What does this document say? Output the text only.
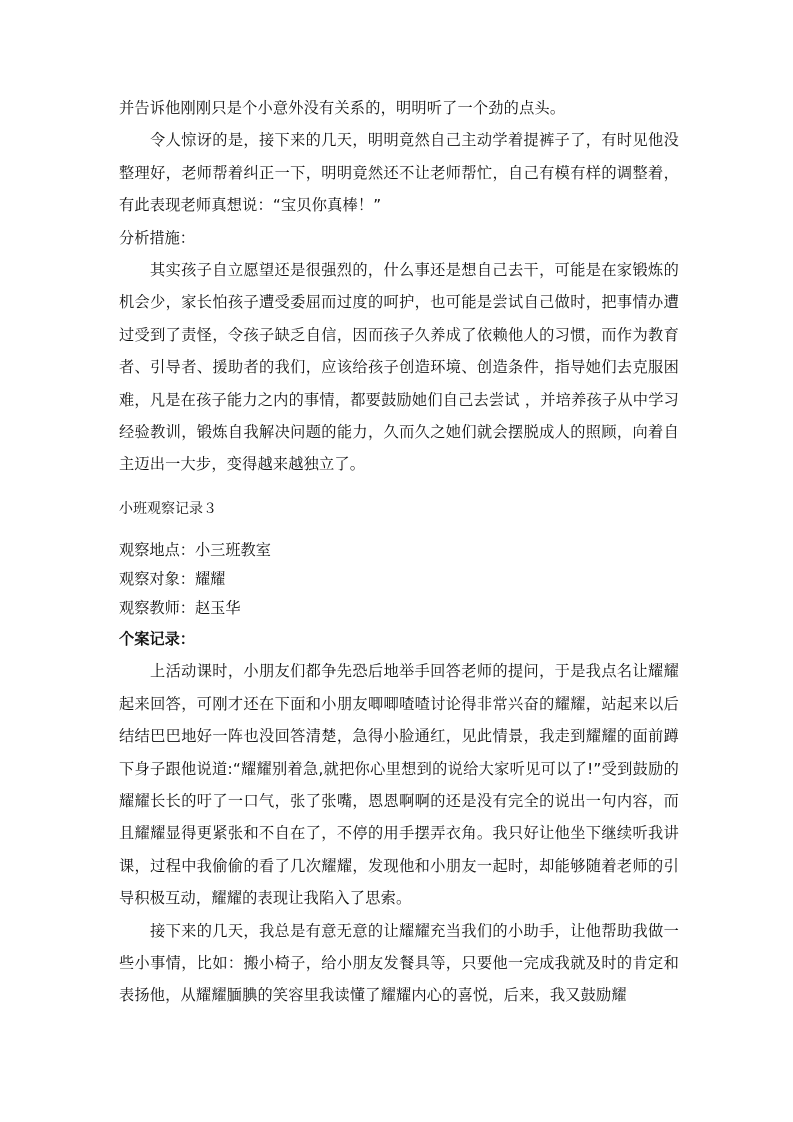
并告诉他刚刚只是个小意外没有关系的，明明听了一个劲的点头。

令人惊讶的是，接下来的几天，明明竟然自己主动学着提裤子了，有时见他没整理好，老师帮着纠正一下，明明竟然还不让老师帮忙，自己有模有样的调整着，有此表现老师真想说：“宝贝你真棒！”

分析措施：

其实孩子自立愿望还是很强烈的，什么事还是想自己去干，可能是在家锻炼的机会少，家长怕孩子遭受委屈而过度的呵护，也可能是尝试自己做时，把事情办遭过受到了责怪，令孩子缺乏自信，因而孩子久养成了依赖他人的习惯，而作为教育者、引导者、援助者的我们，应该给孩子创造环境、创造条件，指导她们去克服困难，凡是在孩子能力之内的事情，都要鼓励她们自己去尝试 ，并培养孩子从中学习经验教训，锻炼自我解决问题的能力，久而久之她们就会摆脱成人的照顾，向着自主迈出一大步，变得越来越独立了。

小班观察记录３

观察地点：小三班教室

观察对象：耀耀

观察教师：赵玉华

个案记录：

上活动课时，小朋友们都争先恐后地举手回答老师的提问，于是我点名让耀耀起来回答，可刚才还在下面和小朋友唧唧喳喳讨论得非常兴奋的耀耀，站起来以后结结巴巴地好一阵也没回答清楚，急得小脸通红，见此情景，我走到耀耀的面前蹲下身子跟他说道:“耀耀别着急,就把你心里想到的说给大家听见可以了!”受到鼓励的耀耀长长的吁了一口气，张了张嘴，恩恩啊啊的还是没有完全的说出一句内容，而且耀耀显得更紧张和不自在了，不停的用手摆弄衣角。我只好让他坐下继续听我讲课，过程中我偷偷的看了几次耀耀，发现他和小朋友一起时，却能够随着老师的引导积极互动，耀耀的表现让我陷入了思索。

接下来的几天，我总是有意无意的让耀耀充当我们的小助手，让他帮助我做一些小事情，比如：搬小椅子，给小朋友发餐具等，只要他一完成我就及时的肯定和表扬他，从耀耀腼腆的笑容里我读懂了耀耀内心的喜悦，后来，我又鼓励耀
